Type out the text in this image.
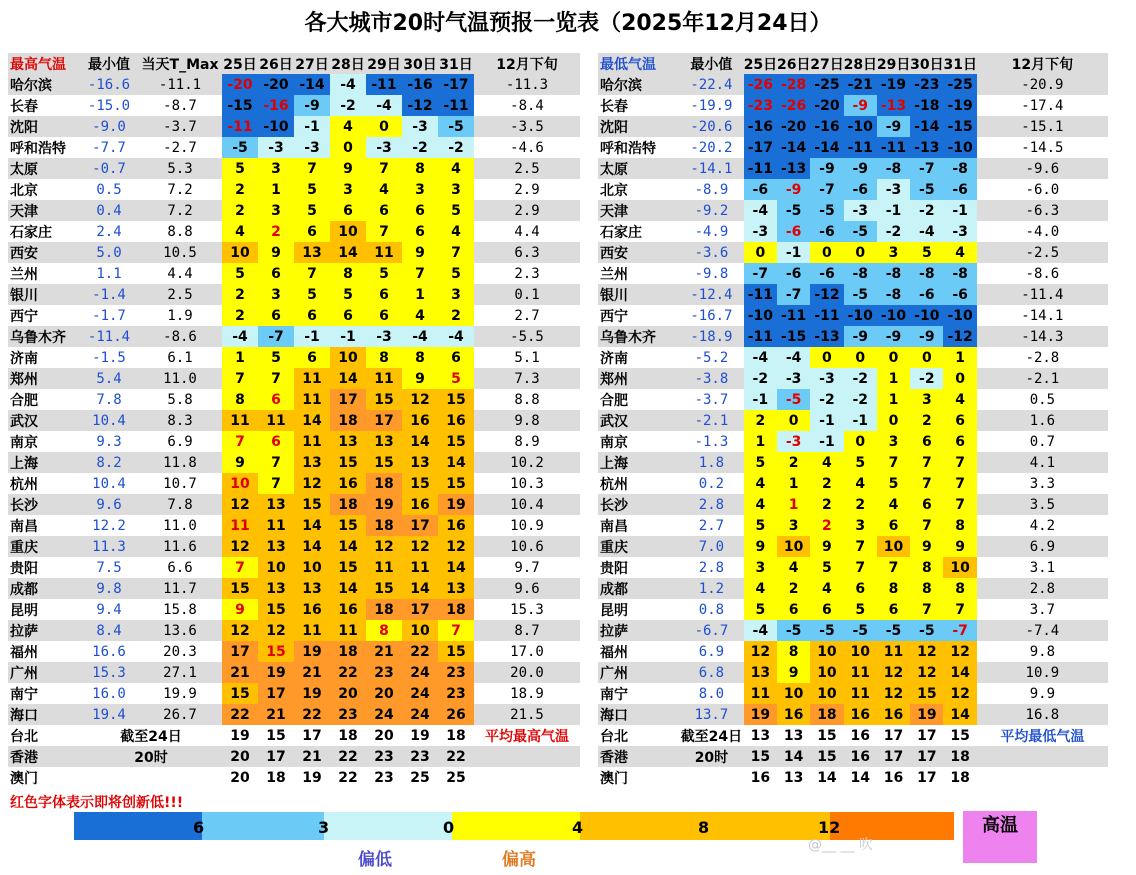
各大城市20时气温预报一览表（2025年12月24日）
最高气温	最小值	当天T_Max	25日	26日	27日	28日	29日	30日	31日	12月下旬
哈尔滨	-16.6	-11.1	-20	-20	-14	-4	-11	-16	-17	-11.3
长春	-15.0	-8.7	-15	-16	-9	-2	-4	-12	-11	-8.4
沈阳	-9.0	-3.7	-11	-10	-1	4	0	-3	-5	-3.5
呼和浩特	-7.7	-2.7	-5	-3	-3	0	-3	-2	-2	-4.6
太原	-0.7	5.3	5	3	7	9	7	8	4	2.5
北京	0.5	7.2	2	1	5	3	4	3	3	2.9
天津	0.4	7.2	2	3	5	6	6	6	5	2.9
石家庄	2.4	8.8	4	2	6	10	7	6	4	4.4
西安	5.0	10.5	10	9	13	14	11	9	7	6.3
兰州	1.1	4.4	5	6	7	8	5	7	5	2.3
银川	-1.4	2.5	2	3	5	5	6	1	3	0.1
西宁	-1.7	1.9	2	6	6	6	6	4	2	2.7
乌鲁木齐	-11.4	-8.6	-4	-7	-1	-1	-3	-4	-4	-5.5
济南	-1.5	6.1	1	5	6	10	8	8	6	5.1
郑州	5.4	11.0	7	7	11	14	11	9	5	7.3
合肥	7.8	5.8	8	6	11	17	15	12	15	8.8
武汉	10.4	8.3	11	11	14	18	17	16	16	9.8
南京	9.3	6.9	7	6	11	13	13	14	15	8.9
上海	8.2	11.8	9	7	13	15	15	13	14	10.2
杭州	10.4	10.7	10	7	12	16	18	15	15	10.3
长沙	9.6	7.8	12	13	15	18	19	16	19	10.4
南昌	12.2	11.0	11	11	14	15	18	17	16	10.9
重庆	11.3	11.6	12	13	14	14	12	12	12	10.6
贵阳	7.5	6.6	7	10	10	15	11	11	14	9.7
成都	9.8	11.7	15	13	13	14	15	14	13	9.6
昆明	9.4	15.8	9	15	16	16	18	17	18	15.3
拉萨	8.4	13.6	12	12	11	11	8	10	7	8.7
福州	16.6	20.3	17	15	19	18	21	22	15	17.0
广州	15.3	27.1	21	19	21	22	23	24	23	20.0
南宁	16.0	19.9	15	17	19	20	20	24	23	18.9
海口	19.4	26.7	22	21	22	23	24	24	26	21.5
台北	截至24日		19	15	17	18	20	19	18	平均最高气温
香港	20时		20	17	21	22	23	23	22	
澳门			20	18	19	22	23	25	25	
最低气温	最小值	25日	26日	27日	28日	29日	30日	31日	12月下旬
哈尔滨	-22.4	-26	-28	-25	-21	-19	-23	-25	-20.9
长春	-19.9	-23	-26	-20	-9	-13	-18	-19	-17.4
沈阳	-20.6	-16	-20	-16	-10	-9	-14	-15	-15.1
呼和浩特	-20.2	-17	-14	-14	-11	-11	-13	-10	-14.5
太原	-14.1	-11	-13	-9	-9	-8	-7	-8	-9.6
北京	-8.9	-6	-9	-7	-6	-3	-5	-6	-6.0
天津	-9.2	-4	-5	-5	-3	-1	-2	-1	-6.3
石家庄	-4.9	-3	-6	-6	-5	-2	-4	-3	-4.0
西安	-3.6	0	-1	0	0	3	5	4	-2.5
兰州	-9.8	-7	-6	-6	-8	-8	-8	-8	-8.6
银川	-12.4	-11	-7	-12	-5	-8	-6	-6	-11.4
西宁	-16.7	-10	-11	-11	-10	-10	-10	-10	-14.1
乌鲁木齐	-18.9	-11	-15	-13	-9	-9	-9	-12	-14.3
济南	-5.2	-4	-4	0	0	0	0	1	-2.8
郑州	-3.8	-2	-3	-3	-2	1	-2	0	-2.1
合肥	-3.7	-1	-5	-2	-2	1	3	4	0.5
武汉	-2.1	2	0	-1	-1	0	2	6	1.6
南京	-1.3	1	-3	-1	0	3	6	6	0.7
上海	1.8	5	2	4	5	7	7	7	4.1
杭州	0.2	4	1	2	4	5	7	7	3.3
长沙	2.8	4	1	2	2	4	6	7	3.5
南昌	2.7	5	3	2	3	6	7	8	4.2
重庆	7.0	9	10	9	7	10	9	9	6.9
贵阳	2.8	3	4	5	7	7	8	10	3.1
成都	1.2	4	2	4	6	8	8	8	2.8
昆明	0.8	5	6	6	5	6	7	7	3.7
拉萨	-6.7	-4	-5	-5	-5	-5	-5	-7	-7.4
福州	6.9	12	8	10	10	11	12	12	9.8
广州	6.8	13	9	10	11	12	12	14	10.9
南宁	8.0	11	10	10	11	12	15	12	9.9
海口	13.7	19	16	18	16	16	19	14	16.8
台北	截至24日	13	13	15	16	17	17	15	平均最低气温
香港	20时	15	14	15	16	17	17	18	
澳门		16	13	14	14	16	17	18	
红色字体表示即将创新低!!!
6	3	0	4	8	12
偏低	偏高
高温
@__ __ 吹
